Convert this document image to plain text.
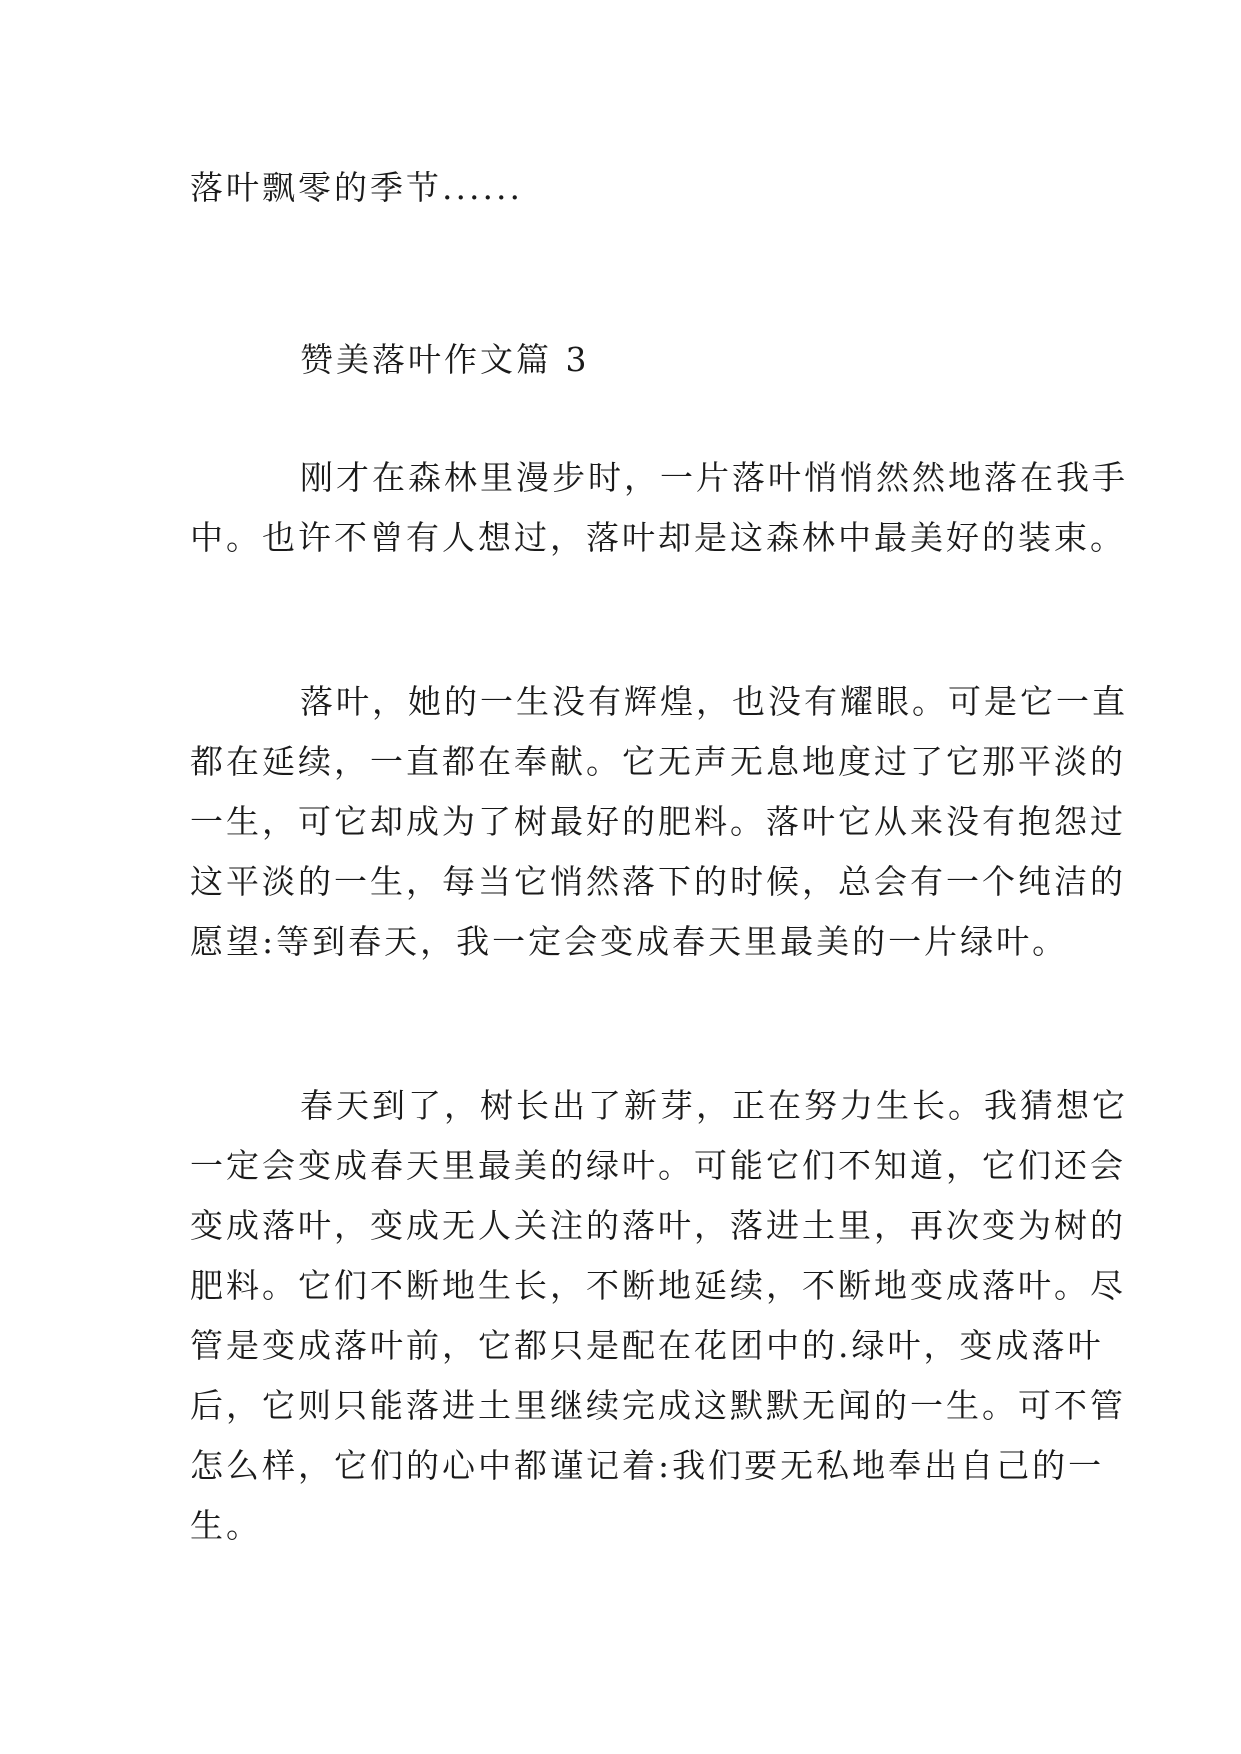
落叶飘零的季节......
赞美落叶作文篇 3
刚才在森林里漫步时，一片落叶悄悄然然地落在我手
中。也许不曾有人想过，落叶却是这森林中最美好的装束。
落叶，她的一生没有辉煌，也没有耀眼。可是它一直
都在延续，一直都在奉献。它无声无息地度过了它那平淡的
一生，可它却成为了树最好的肥料。落叶它从来没有抱怨过
这平淡的一生，每当它悄然落下的时候，总会有一个纯洁的
愿望:等到春天，我一定会变成春天里最美的一片绿叶。
春天到了，树长出了新芽，正在努力生长。我猜想它
一定会变成春天里最美的绿叶。可能它们不知道，它们还会
变成落叶，变成无人关注的落叶，落进土里，再次变为树的
肥料。它们不断地生长，不断地延续，不断地变成落叶。尽
管是变成落叶前，它都只是配在花团中的.绿叶，变成落叶
后，它则只能落进土里继续完成这默默无闻的一生。可不管
怎么样，它们的心中都谨记着:我们要无私地奉出自己的一
生。
